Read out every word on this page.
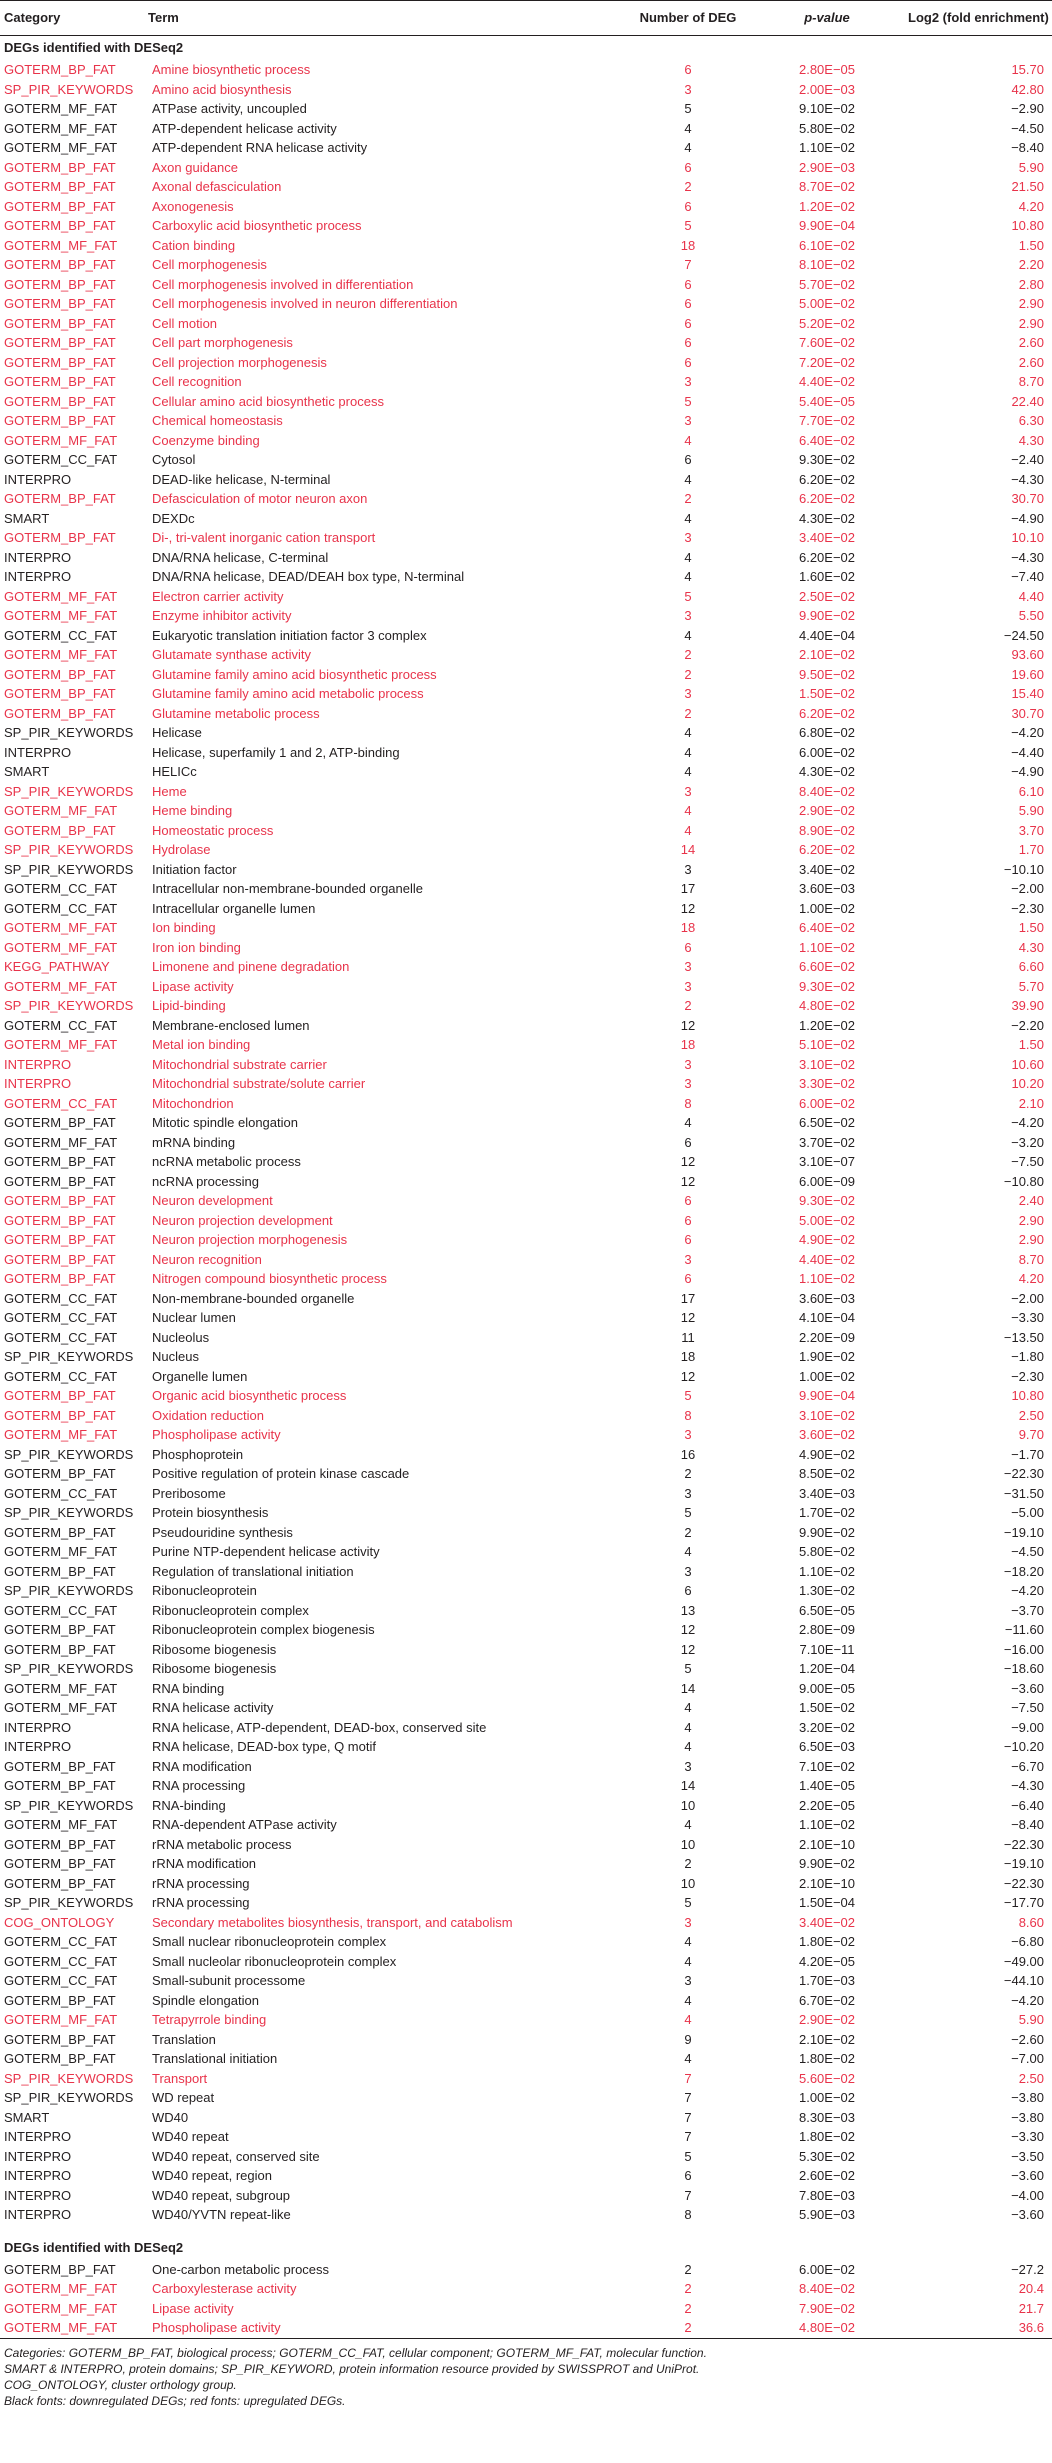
Category	Term	Number of DEG	p-value	Log2 (fold enrichment)
DEGs identified with DESeq2				
GOTERM_BP_FAT	Amine biosynthetic process	6	2.80E−05	15.70
SP_PIR_KEYWORDS	Amino acid biosynthesis	3	2.00E−03	42.80
GOTERM_MF_FAT	ATPase activity, uncoupled	5	9.10E−02	−2.90
GOTERM_MF_FAT	ATP-dependent helicase activity	4	5.80E−02	−4.50
GOTERM_MF_FAT	ATP-dependent RNA helicase activity	4	1.10E−02	−8.40
GOTERM_BP_FAT	Axon guidance	6	2.90E−03	5.90
GOTERM_BP_FAT	Axonal defasciculation	2	8.70E−02	21.50
GOTERM_BP_FAT	Axonogenesis	6	1.20E−02	4.20
GOTERM_BP_FAT	Carboxylic acid biosynthetic process	5	9.90E−04	10.80
GOTERM_MF_FAT	Cation binding	18	6.10E−02	1.50
GOTERM_BP_FAT	Cell morphogenesis	7	8.10E−02	2.20
GOTERM_BP_FAT	Cell morphogenesis involved in differentiation	6	5.70E−02	2.80
GOTERM_BP_FAT	Cell morphogenesis involved in neuron differentiation	6	5.00E−02	2.90
GOTERM_BP_FAT	Cell motion	6	5.20E−02	2.90
GOTERM_BP_FAT	Cell part morphogenesis	6	7.60E−02	2.60
GOTERM_BP_FAT	Cell projection morphogenesis	6	7.20E−02	2.60
GOTERM_BP_FAT	Cell recognition	3	4.40E−02	8.70
GOTERM_BP_FAT	Cellular amino acid biosynthetic process	5	5.40E−05	22.40
GOTERM_BP_FAT	Chemical homeostasis	3	7.70E−02	6.30
GOTERM_MF_FAT	Coenzyme binding	4	6.40E−02	4.30
GOTERM_CC_FAT	Cytosol	6	9.30E−02	−2.40
INTERPRO	DEAD-like helicase, N-terminal	4	6.20E−02	−4.30
GOTERM_BP_FAT	Defasciculation of motor neuron axon	2	6.20E−02	30.70
SMART	DEXDc	4	4.30E−02	−4.90
GOTERM_BP_FAT	Di-, tri-valent inorganic cation transport	3	3.40E−02	10.10
INTERPRO	DNA/RNA helicase, C-terminal	4	6.20E−02	−4.30
INTERPRO	DNA/RNA helicase, DEAD/DEAH box type, N-terminal	4	1.60E−02	−7.40
GOTERM_MF_FAT	Electron carrier activity	5	2.50E−02	4.40
GOTERM_MF_FAT	Enzyme inhibitor activity	3	9.90E−02	5.50
GOTERM_CC_FAT	Eukaryotic translation initiation factor 3 complex	4	4.40E−04	−24.50
GOTERM_MF_FAT	Glutamate synthase activity	2	2.10E−02	93.60
GOTERM_BP_FAT	Glutamine family amino acid biosynthetic process	2	9.50E−02	19.60
GOTERM_BP_FAT	Glutamine family amino acid metabolic process	3	1.50E−02	15.40
GOTERM_BP_FAT	Glutamine metabolic process	2	6.20E−02	30.70
SP_PIR_KEYWORDS	Helicase	4	6.80E−02	−4.20
INTERPRO	Helicase, superfamily 1 and 2, ATP-binding	4	6.00E−02	−4.40
SMART	HELICc	4	4.30E−02	−4.90
SP_PIR_KEYWORDS	Heme	3	8.40E−02	6.10
GOTERM_MF_FAT	Heme binding	4	2.90E−02	5.90
GOTERM_BP_FAT	Homeostatic process	4	8.90E−02	3.70
SP_PIR_KEYWORDS	Hydrolase	14	6.20E−02	1.70
SP_PIR_KEYWORDS	Initiation factor	3	3.40E−02	−10.10
GOTERM_CC_FAT	Intracellular non-membrane-bounded organelle	17	3.60E−03	−2.00
GOTERM_CC_FAT	Intracellular organelle lumen	12	1.00E−02	−2.30
GOTERM_MF_FAT	Ion binding	18	6.40E−02	1.50
GOTERM_MF_FAT	Iron ion binding	6	1.10E−02	4.30
KEGG_PATHWAY	Limonene and pinene degradation	3	6.60E−02	6.60
GOTERM_MF_FAT	Lipase activity	3	9.30E−02	5.70
SP_PIR_KEYWORDS	Lipid-binding	2	4.80E−02	39.90
GOTERM_CC_FAT	Membrane-enclosed lumen	12	1.20E−02	−2.20
GOTERM_MF_FAT	Metal ion binding	18	5.10E−02	1.50
INTERPRO	Mitochondrial substrate carrier	3	3.10E−02	10.60
INTERPRO	Mitochondrial substrate/solute carrier	3	3.30E−02	10.20
GOTERM_CC_FAT	Mitochondrion	8	6.00E−02	2.10
GOTERM_BP_FAT	Mitotic spindle elongation	4	6.50E−02	−4.20
GOTERM_MF_FAT	mRNA binding	6	3.70E−02	−3.20
GOTERM_BP_FAT	ncRNA metabolic process	12	3.10E−07	−7.50
GOTERM_BP_FAT	ncRNA processing	12	6.00E−09	−10.80
GOTERM_BP_FAT	Neuron development	6	9.30E−02	2.40
GOTERM_BP_FAT	Neuron projection development	6	5.00E−02	2.90
GOTERM_BP_FAT	Neuron projection morphogenesis	6	4.90E−02	2.90
GOTERM_BP_FAT	Neuron recognition	3	4.40E−02	8.70
GOTERM_BP_FAT	Nitrogen compound biosynthetic process	6	1.10E−02	4.20
GOTERM_CC_FAT	Non-membrane-bounded organelle	17	3.60E−03	−2.00
GOTERM_CC_FAT	Nuclear lumen	12	4.10E−04	−3.30
GOTERM_CC_FAT	Nucleolus	11	2.20E−09	−13.50
SP_PIR_KEYWORDS	Nucleus	18	1.90E−02	−1.80
GOTERM_CC_FAT	Organelle lumen	12	1.00E−02	−2.30
GOTERM_BP_FAT	Organic acid biosynthetic process	5	9.90E−04	10.80
GOTERM_BP_FAT	Oxidation reduction	8	3.10E−02	2.50
GOTERM_MF_FAT	Phospholipase activity	3	3.60E−02	9.70
SP_PIR_KEYWORDS	Phosphoprotein	16	4.90E−02	−1.70
GOTERM_BP_FAT	Positive regulation of protein kinase cascade	2	8.50E−02	−22.30
GOTERM_CC_FAT	Preribosome	3	3.40E−03	−31.50
SP_PIR_KEYWORDS	Protein biosynthesis	5	1.70E−02	−5.00
GOTERM_BP_FAT	Pseudouridine synthesis	2	9.90E−02	−19.10
GOTERM_MF_FAT	Purine NTP-dependent helicase activity	4	5.80E−02	−4.50
GOTERM_BP_FAT	Regulation of translational initiation	3	1.10E−02	−18.20
SP_PIR_KEYWORDS	Ribonucleoprotein	6	1.30E−02	−4.20
GOTERM_CC_FAT	Ribonucleoprotein complex	13	6.50E−05	−3.70
GOTERM_BP_FAT	Ribonucleoprotein complex biogenesis	12	2.80E−09	−11.60
GOTERM_BP_FAT	Ribosome biogenesis	12	7.10E−11	−16.00
SP_PIR_KEYWORDS	Ribosome biogenesis	5	1.20E−04	−18.60
GOTERM_MF_FAT	RNA binding	14	9.00E−05	−3.60
GOTERM_MF_FAT	RNA helicase activity	4	1.50E−02	−7.50
INTERPRO	RNA helicase, ATP-dependent, DEAD-box, conserved site	4	3.20E−02	−9.00
INTERPRO	RNA helicase, DEAD-box type, Q motif	4	6.50E−03	−10.20
GOTERM_BP_FAT	RNA modification	3	7.10E−02	−6.70
GOTERM_BP_FAT	RNA processing	14	1.40E−05	−4.30
SP_PIR_KEYWORDS	RNA-binding	10	2.20E−05	−6.40
GOTERM_MF_FAT	RNA-dependent ATPase activity	4	1.10E−02	−8.40
GOTERM_BP_FAT	rRNA metabolic process	10	2.10E−10	−22.30
GOTERM_BP_FAT	rRNA modification	2	9.90E−02	−19.10
GOTERM_BP_FAT	rRNA processing	10	2.10E−10	−22.30
SP_PIR_KEYWORDS	rRNA processing	5	1.50E−04	−17.70
COG_ONTOLOGY	Secondary metabolites biosynthesis, transport, and catabolism	3	3.40E−02	8.60
GOTERM_CC_FAT	Small nuclear ribonucleoprotein complex	4	1.80E−02	−6.80
GOTERM_CC_FAT	Small nucleolar ribonucleoprotein complex	4	4.20E−05	−49.00
GOTERM_CC_FAT	Small-subunit processome	3	1.70E−03	−44.10
GOTERM_BP_FAT	Spindle elongation	4	6.70E−02	−4.20
GOTERM_MF_FAT	Tetrapyrrole binding	4	2.90E−02	5.90
GOTERM_BP_FAT	Translation	9	2.10E−02	−2.60
GOTERM_BP_FAT	Translational initiation	4	1.80E−02	−7.00
SP_PIR_KEYWORDS	Transport	7	5.60E−02	2.50
SP_PIR_KEYWORDS	WD repeat	7	1.00E−02	−3.80
SMART	WD40	7	8.30E−03	−3.80
INTERPRO	WD40 repeat	7	1.80E−02	−3.30
INTERPRO	WD40 repeat, conserved site	5	5.30E−02	−3.50
INTERPRO	WD40 repeat, region	6	2.60E−02	−3.60
INTERPRO	WD40 repeat, subgroup	7	7.80E−03	−4.00
INTERPRO	WD40/YVTN repeat-like	8	5.90E−03	−3.60

DEGs identified with DESeq2				
GOTERM_BP_FAT	One-carbon metabolic process	2	6.00E−02	−27.2
GOTERM_MF_FAT	Carboxylesterase activity	2	8.40E−02	20.4
GOTERM_MF_FAT	Lipase activity	2	7.90E−02	21.7
GOTERM_MF_FAT	Phospholipase activity	2	4.80E−02	36.6
Categories: GOTERM_BP_FAT, biological process; GOTERM_CC_FAT, cellular component; GOTERM_MF_FAT, molecular function.
SMART & INTERPRO, protein domains; SP_PIR_KEYWORD, protein information resource provided by SWISSPROT and UniProt.
COG_ONTOLOGY, cluster orthology group.
Black fonts: downregulated DEGs; red fonts: upregulated DEGs.
